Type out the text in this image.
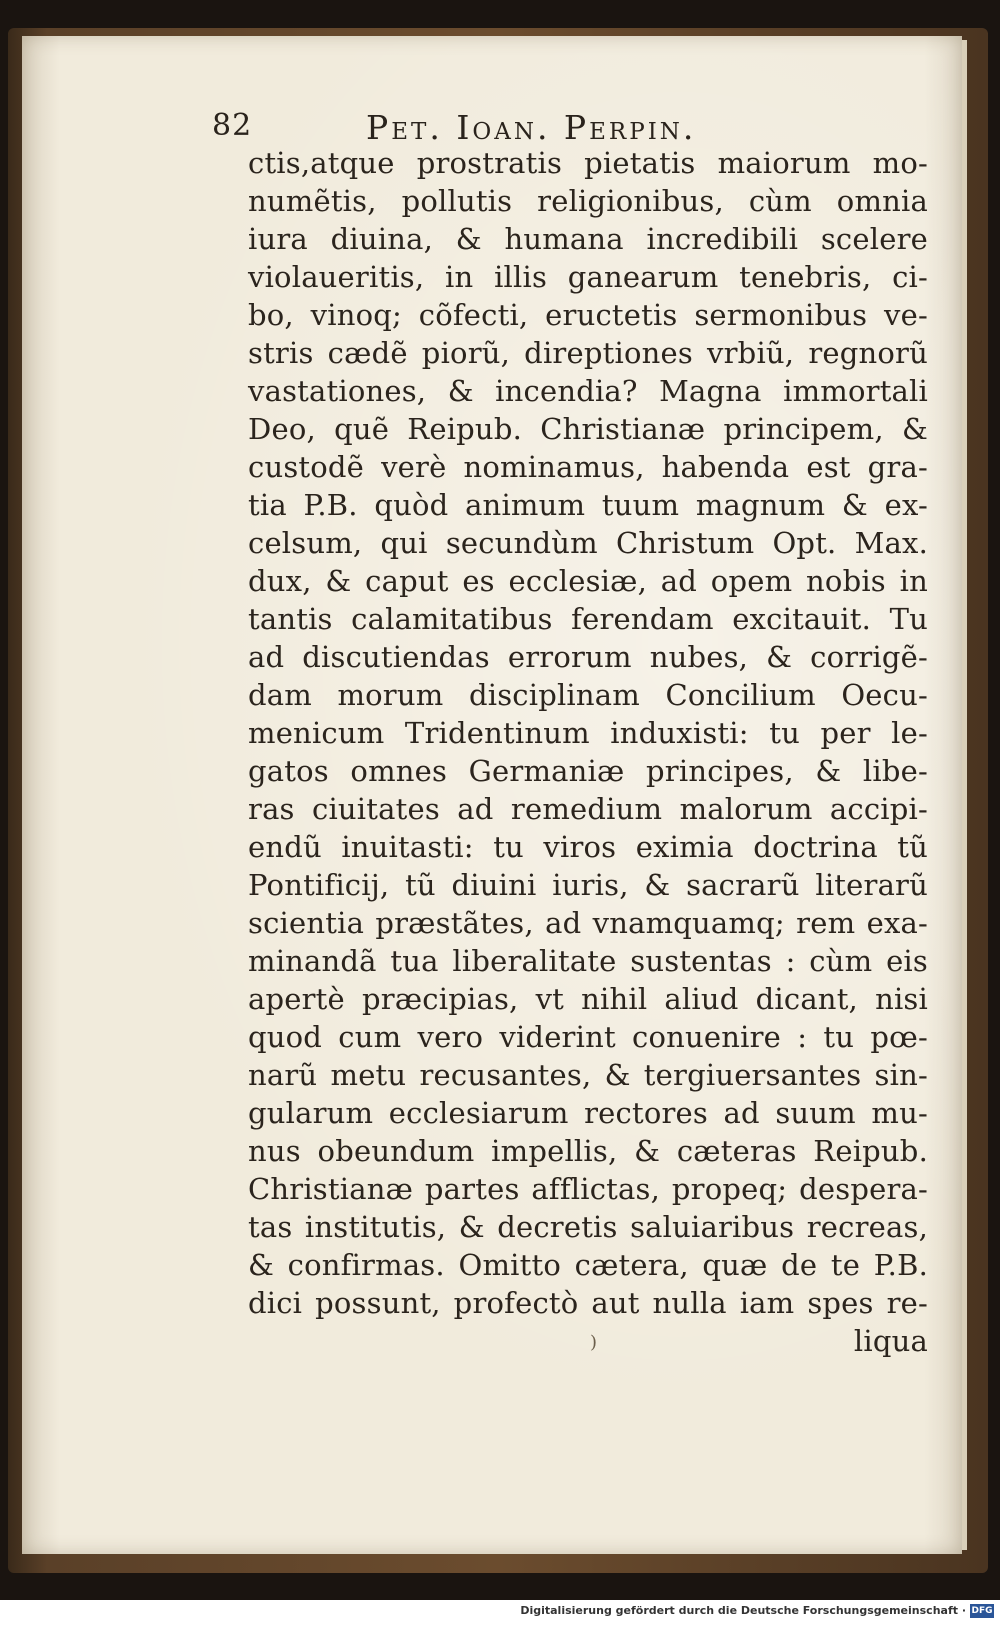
82	Pet. Ioan. Perpin.
ctis,atque prostratis pietatis maiorum mo-
numẽtis, pollutis religionibus, cùm omnia
iura diuina, & humana incredibili scelere
violaueritis, in illis ganearum tenebris, ci-
bo, vinoq; cõfecti, eructetis sermonibus ve-
stris cædẽ piorũ, direptiones vrbiũ, regnorũ
vastationes, & incendia? Magna immortali
Deo, quẽ Reipub. Christianæ principem, &
custodẽ verè nominamus, habenda est gra-
tia P.B. quòd animum tuum magnum & ex-
celsum, qui secundùm Christum Opt. Max.
dux, & caput es ecclesiæ, ad opem nobis in
tantis calamitatibus ferendam excitauit. Tu
ad discutiendas errorum nubes, & corrigẽ-
dam morum disciplinam Concilium Oecu-
menicum Tridentinum induxisti: tu per le-
gatos omnes Germaniæ principes, & libe-
ras ciuitates ad remedium malorum accipi-
endũ inuitasti: tu viros eximia doctrina tũ
Pontificij, tũ diuini iuris, & sacrarũ literarũ
scientia præstãtes, ad vnamquamq; rem exa-
minandã tua liberalitate sustentas : cùm eis
apertè præcipias, vt nihil aliud dicant, nisi
quod cum vero viderint conuenire : tu pœ-
narũ metu recusantes, & tergiuersantes sin-
gularum ecclesiarum rectores ad suum mu-
nus obeundum impellis, & cæteras Reipub.
Christianæ partes afflictas, propeq; despera-
tas institutis, & decretis saluiaribus recreas,
& confirmas. Omitto cætera, quæ de te P.B.
dici possunt, profectò aut nulla iam spes re-
liqua
)
Digitalisierung gefördert durch die Deutsche Forschungsgemeinschaft · DFG
